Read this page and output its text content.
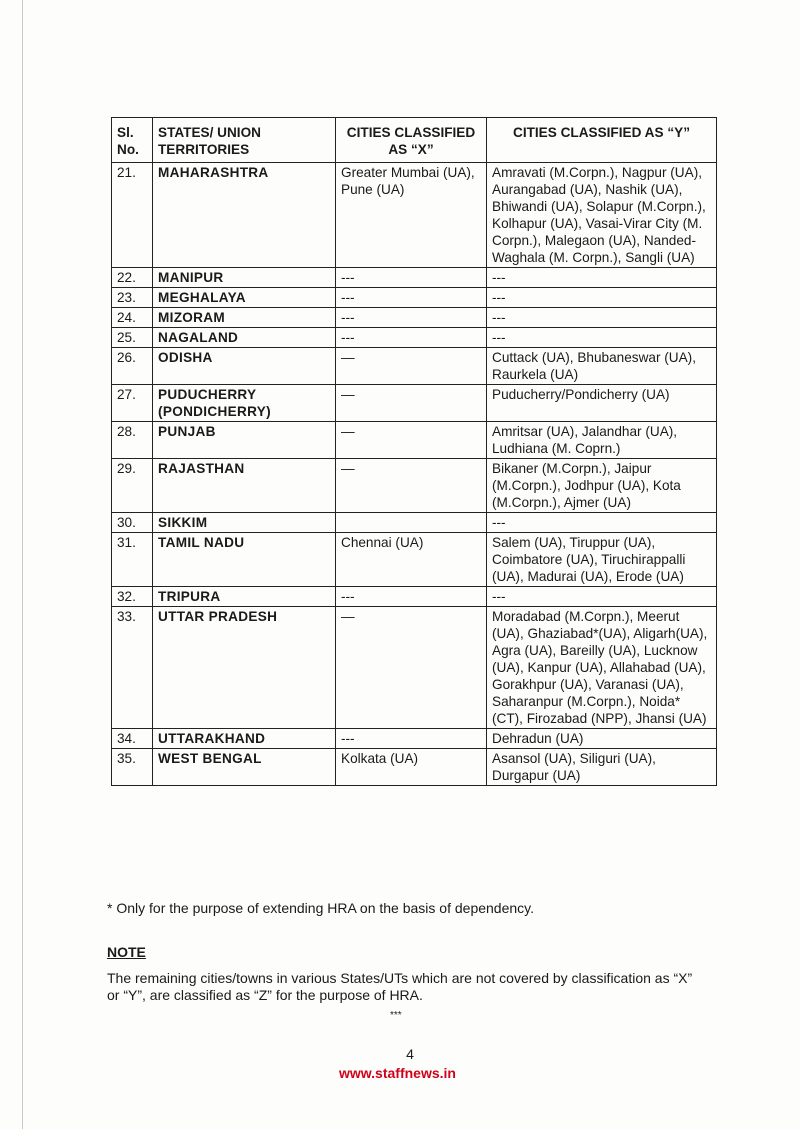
Sl. No.	STATES/ UNION TERRITORIES	CITIES CLASSIFIED AS “X”	CITIES CLASSIFIED AS “Y”
21.	MAHARASHTRA	Greater Mumbai (UA), Pune (UA)	Amravati (M.Corpn.), Nagpur (UA), Aurangabad (UA), Nashik (UA), Bhiwandi (UA), Solapur (M.Corpn.), Kolhapur (UA), Vasai-Virar City (M. Corpn.), Malegaon (UA), Nanded-Waghala (M. Corpn.), Sangli (UA)
22.	MANIPUR	---	---
23.	MEGHALAYA	---	---
24.	MIZORAM	---	---
25.	NAGALAND	---	---
26.	ODISHA	—	Cuttack (UA), Bhubaneswar (UA), Raurkela (UA)
27.	PUDUCHERRY (PONDICHERRY)	—	Puducherry/Pondicherry (UA)
28.	PUNJAB	—	Amritsar (UA), Jalandhar (UA), Ludhiana (M. Coprn.)
29.	RAJASTHAN	—	Bikaner (M.Corpn.), Jaipur (M.Corpn.), Jodhpur (UA), Kota (M.Corpn.), Ajmer (UA)
30.	SIKKIM		---
31.	TAMIL NADU	Chennai (UA)	Salem (UA), Tiruppur (UA), Coimbatore (UA), Tiruchirappalli (UA), Madurai (UA), Erode (UA)
32.	TRIPURA	---	---
33.	UTTAR PRADESH	—	Moradabad (M.Corpn.), Meerut (UA), Ghaziabad*(UA), Aligarh(UA), Agra (UA), Bareilly (UA), Lucknow (UA), Kanpur (UA), Allahabad (UA), Gorakhpur (UA), Varanasi (UA), Saharanpur (M.Corpn.), Noida* (CT), Firozabad (NPP), Jhansi (UA)
34.	UTTARAKHAND	---	Dehradun (UA)
35.	WEST BENGAL	Kolkata (UA)	Asansol (UA), Siliguri (UA), Durgapur (UA)
* Only for the purpose of extending HRA on the basis of dependency.
NOTE
The remaining cities/towns in various States/UTs which are not covered by classification as “X” or “Y”, are classified as “Z” for the purpose of HRA.
***
4
www.staffnews.in
